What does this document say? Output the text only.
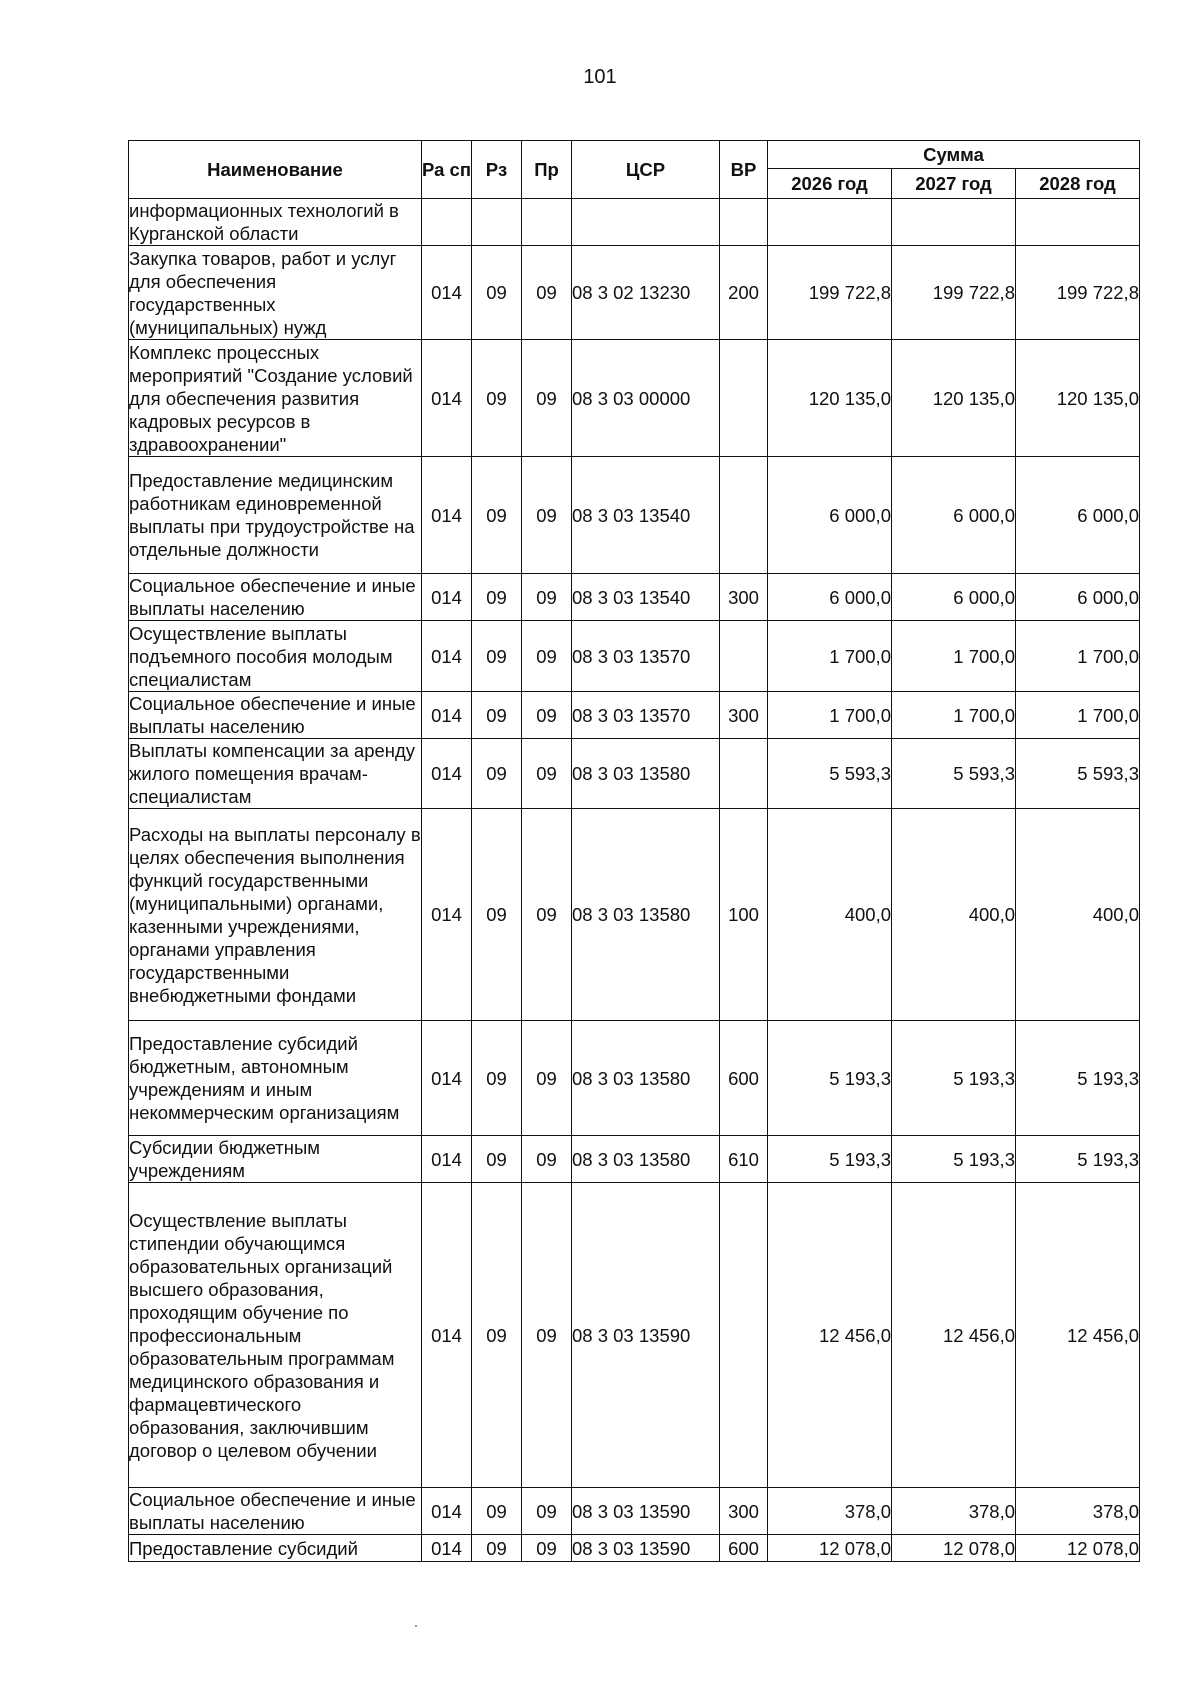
101
Наименование	Ра сп	Рз	Пр	ЦСР	ВР	Сумма		
						2026 год	2027 год	2028 год
информационных технологий в Курганской области								
Закупка товаров, работ и услуг для обеспечения государственных (муниципальных) нужд	014	09	09	08 3 02 13230	200	199 722,8	199 722,8	199 722,8
Комплекс процессных мероприятий "Создание условий для обеспечения развития кадровых ресурсов в здравоохранении"	014	09	09	08 3 03 00000		120 135,0	120 135,0	120 135,0
Предоставление медицинским работникам единовременной выплаты при трудоустройстве на отдельные должности	014	09	09	08 3 03 13540		6 000,0	6 000,0	6 000,0
Социальное обеспечение и иные выплаты населению	014	09	09	08 3 03 13540	300	6 000,0	6 000,0	6 000,0
Осуществление выплаты подъемного пособия молодым специалистам	014	09	09	08 3 03 13570		1 700,0	1 700,0	1 700,0
Социальное обеспечение и иные выплаты населению	014	09	09	08 3 03 13570	300	1 700,0	1 700,0	1 700,0
Выплаты компенсации за аренду жилого помещения врачам-специалистам	014	09	09	08 3 03 13580		5 593,3	5 593,3	5 593,3
Расходы на выплаты персоналу в целях обеспечения выполнения функций государственными (муниципальными) органами, казенными учреждениями, органами управления государственными внебюджетными фондами	014	09	09	08 3 03 13580	100	400,0	400,0	400,0
Предоставление субсидий бюджетным, автономным учреждениям и иным некоммерческим организациям	014	09	09	08 3 03 13580	600	5 193,3	5 193,3	5 193,3
Субсидии бюджетным учреждениям	014	09	09	08 3 03 13580	610	5 193,3	5 193,3	5 193,3
Осуществление выплаты стипендии обучающимся образовательных организаций высшего образования, проходящим обучение по профессиональным образовательным программам медицинского образования и фармацевтического образования, заключившим договор о целевом обучении	014	09	09	08 3 03 13590		12 456,0	12 456,0	12 456,0
Социальное обеспечение и иные выплаты населению	014	09	09	08 3 03 13590	300	378,0	378,0	378,0
Предоставление субсидий	014	09	09	08 3 03 13590	600	12 078,0	12 078,0	12 078,0
